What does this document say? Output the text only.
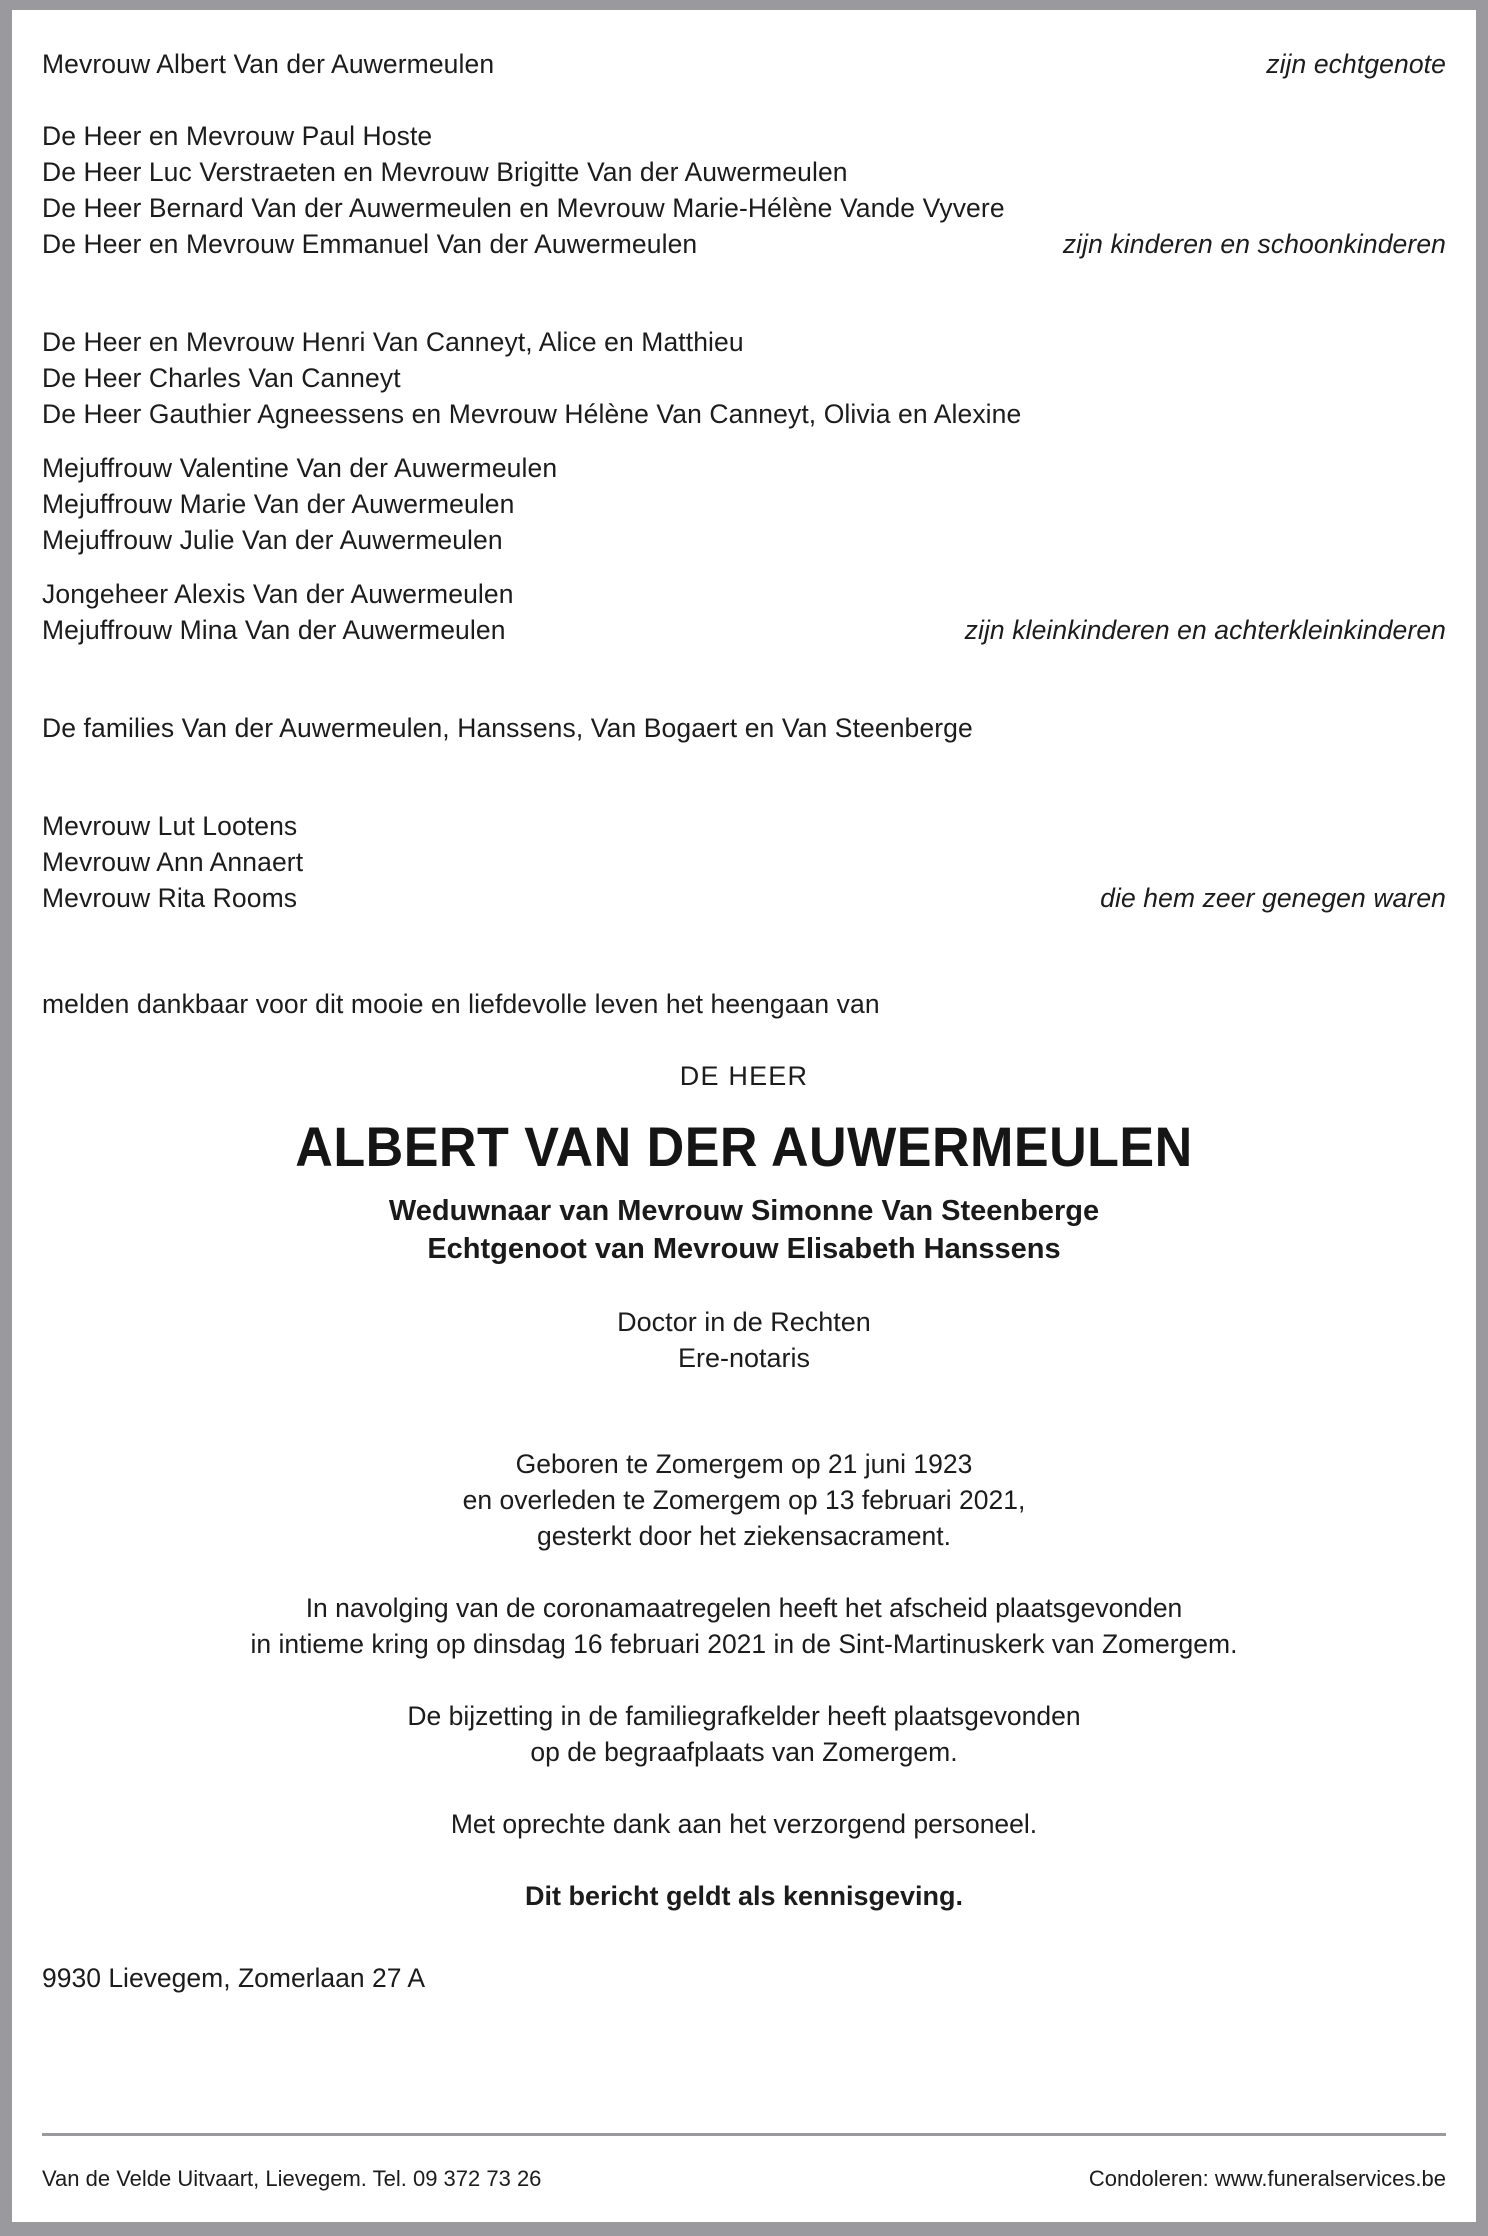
Mevrouw Albert Van der Auwermeulen	zijn echtgenote
De Heer en Mevrouw Paul Hoste
De Heer Luc Verstraeten en Mevrouw Brigitte Van der Auwermeulen
De Heer Bernard Van der Auwermeulen en Mevrouw Marie-Hélène Vande Vyvere
De Heer en Mevrouw Emmanuel Van der Auwermeulen	zijn kinderen en schoonkinderen
De Heer en Mevrouw Henri Van Canneyt, Alice en Matthieu
De Heer Charles Van Canneyt
De Heer Gauthier Agneessens en Mevrouw Hélène Van Canneyt, Olivia en Alexine
Mejuffrouw Valentine Van der Auwermeulen
Mejuffrouw Marie Van der Auwermeulen
Mejuffrouw Julie Van der Auwermeulen
Jongeheer Alexis Van der Auwermeulen
Mejuffrouw Mina Van der Auwermeulen	zijn kleinkinderen en achterkleinkinderen
De families Van der Auwermeulen, Hanssens, Van Bogaert en Van Steenberge
Mevrouw Lut Lootens
Mevrouw Ann Annaert
Mevrouw Rita Rooms	die hem zeer genegen waren
melden dankbaar voor dit mooie en liefdevolle leven het heengaan van
DE HEER
ALBERT VAN DER AUWERMEULEN
Weduwnaar van Mevrouw Simonne Van Steenberge
Echtgenoot van Mevrouw Elisabeth Hanssens
Doctor in de Rechten
Ere-notaris
Geboren te Zomergem op 21 juni 1923
en overleden te Zomergem op 13 februari 2021,
gesterkt door het ziekensacrament.
In navolging van de coronamaatregelen heeft het afscheid plaatsgevonden
in intieme kring op dinsdag 16 februari 2021 in de Sint-Martinuskerk van Zomergem.
De bijzetting in de familiegrafkelder heeft plaatsgevonden
op de begraafplaats van Zomergem.
Met oprechte dank aan het verzorgend personeel.
Dit bericht geldt als kennisgeving.
9930 Lievegem, Zomerlaan 27 A
Van de Velde Uitvaart, Lievegem. Tel. 09 372 73 26	Condoleren: www.funeralservices.be
